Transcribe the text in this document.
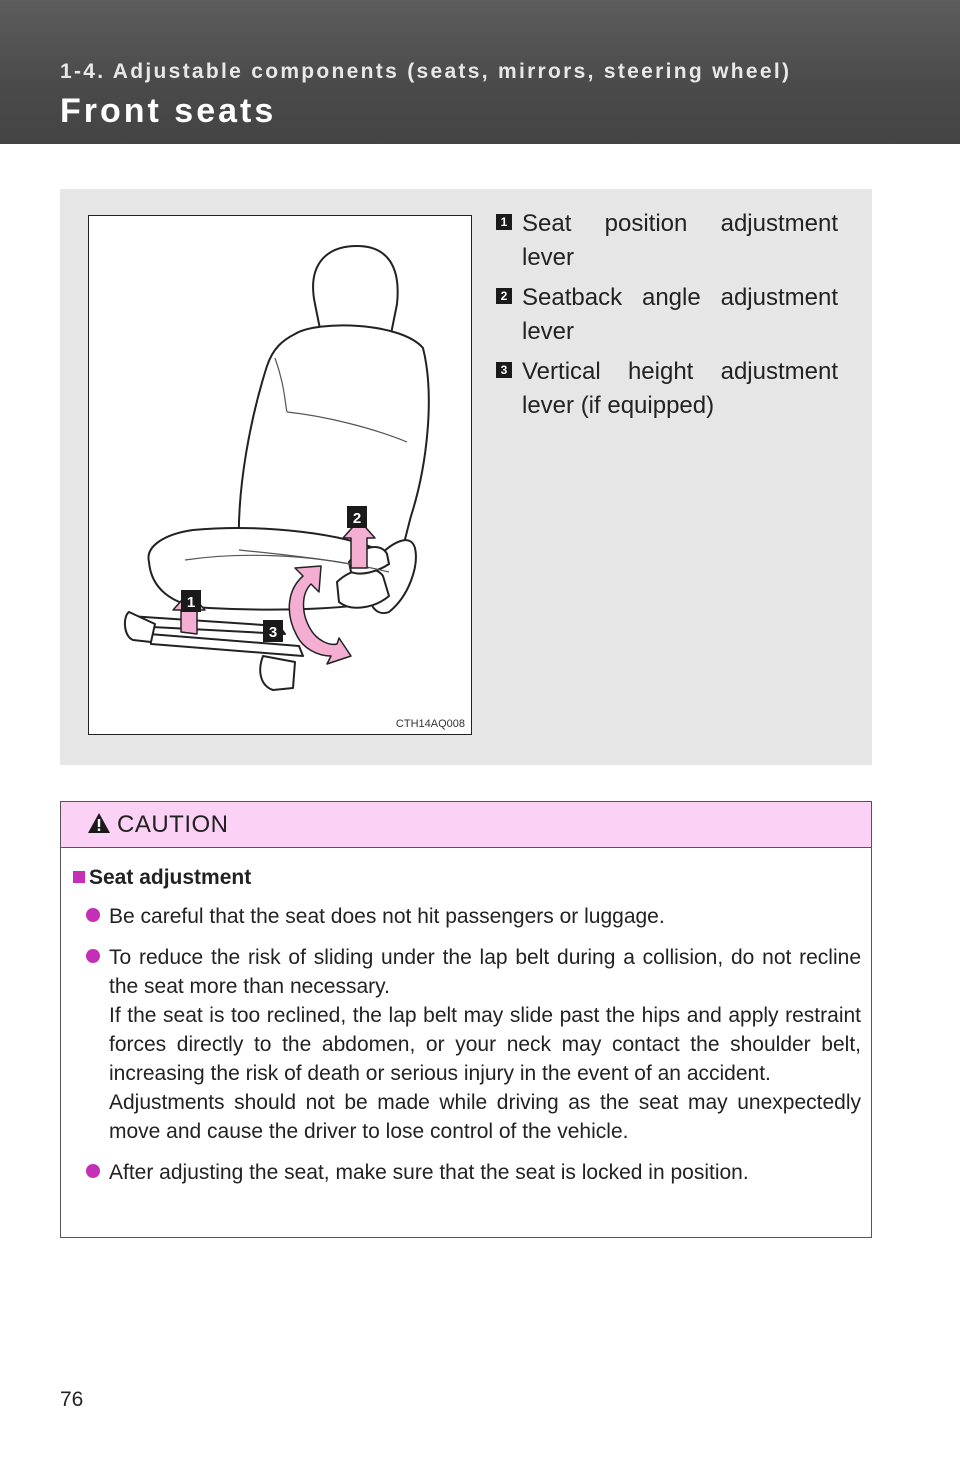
1-4. Adjustable components (seats, mirrors, steering wheel)
Front seats
1
2
3
CTH14AQ008
1 Seat position adjustment lever
2 Seatback angle adjustment lever
3 Vertical height adjustment lever (if equipped)
CAUTION
Seat adjustment

Be careful that the seat does not hit passengers or luggage.

To reduce the risk of sliding under the lap belt during a collision, do not recline the seat more than necessary.

If the seat is too reclined, the lap belt may slide past the hips and apply restraint forces directly to the abdomen, or your neck may contact the shoulder belt, increasing the risk of death or serious injury in the event of an accident.

Adjustments should not be made while driving as the seat may unexpectedly move and cause the driver to lose control of the vehicle.

After adjusting the seat, make sure that the seat is locked in position.

76
